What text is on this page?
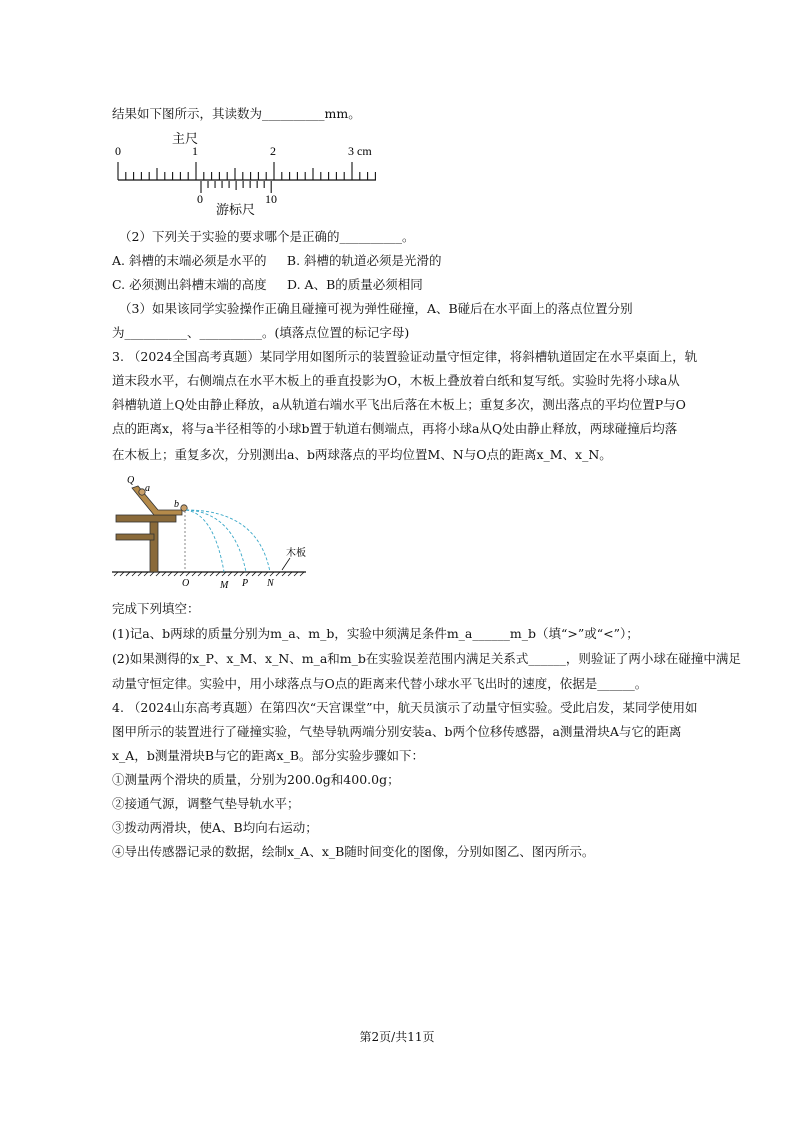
结果如下图所示，其读数为__________mm。
主尺
0	1	2	3 cm
0	10
游标尺
（2）下列关于实验的要求哪个是正确的__________。
A. 斜槽的末端必须是水平的 　 B. 斜槽的轨道必须是光滑的
C. 必须测出斜槽末端的高度 　 D. A、B的质量必须相同
（3）如果该同学实验操作正确且碰撞可视为弹性碰撞，A、B碰后在水平面上的落点位置分别
为__________、__________。(填落点位置的标记字母)
3. （2024全国高考真题）某同学用如图所示的装置验证动量守恒定律，将斜槽轨道固定在水平桌面上，轨
道末段水平，右侧端点在水平木板上的垂直投影为O，木板上叠放着白纸和复写纸。实验时先将小球a从
斜槽轨道上Q处由静止释放，a从轨道右端水平飞出后落在木板上；重复多次，测出落点的平均位置P与O
点的距离x，将与a半径相等的小球b置于轨道右侧端点，再将小球a从Q处由静止释放，两球碰撞后均落
在木板上；重复多次，分别测出a、b两球落点的平均位置M、N与O点的距离x_M、x_N。
Q
a
b
木板
O	M P N
完成下列填空：
(1)记a、b两球的质量分别为m_a、m_b，实验中须满足条件m_a______m_b（填“>”或“<”）；
(2)如果测得的x_P、x_M、x_N、m_a和m_b在实验误差范围内满足关系式______，则验证了两小球在碰撞中满足
动量守恒定律。实验中，用小球落点与O点的距离来代替小球水平飞出时的速度，依据是______。
4. （2024山东高考真题）在第四次“天宫课堂”中，航天员演示了动量守恒实验。受此启发，某同学使用如
图甲所示的装置进行了碰撞实验，气垫导轨两端分别安装a、b两个位移传感器，a测量滑块A与它的距离
x_A，b测量滑块B与它的距离x_B。部分实验步骤如下：
①测量两个滑块的质量，分别为200.0g和400.0g；
②接通气源，调整气垫导轨水平；
③拨动两滑块，使A、B均向右运动；
④导出传感器记录的数据，绘制x_A、x_B随时间变化的图像，分别如图乙、图丙所示。
第2页/共11页
